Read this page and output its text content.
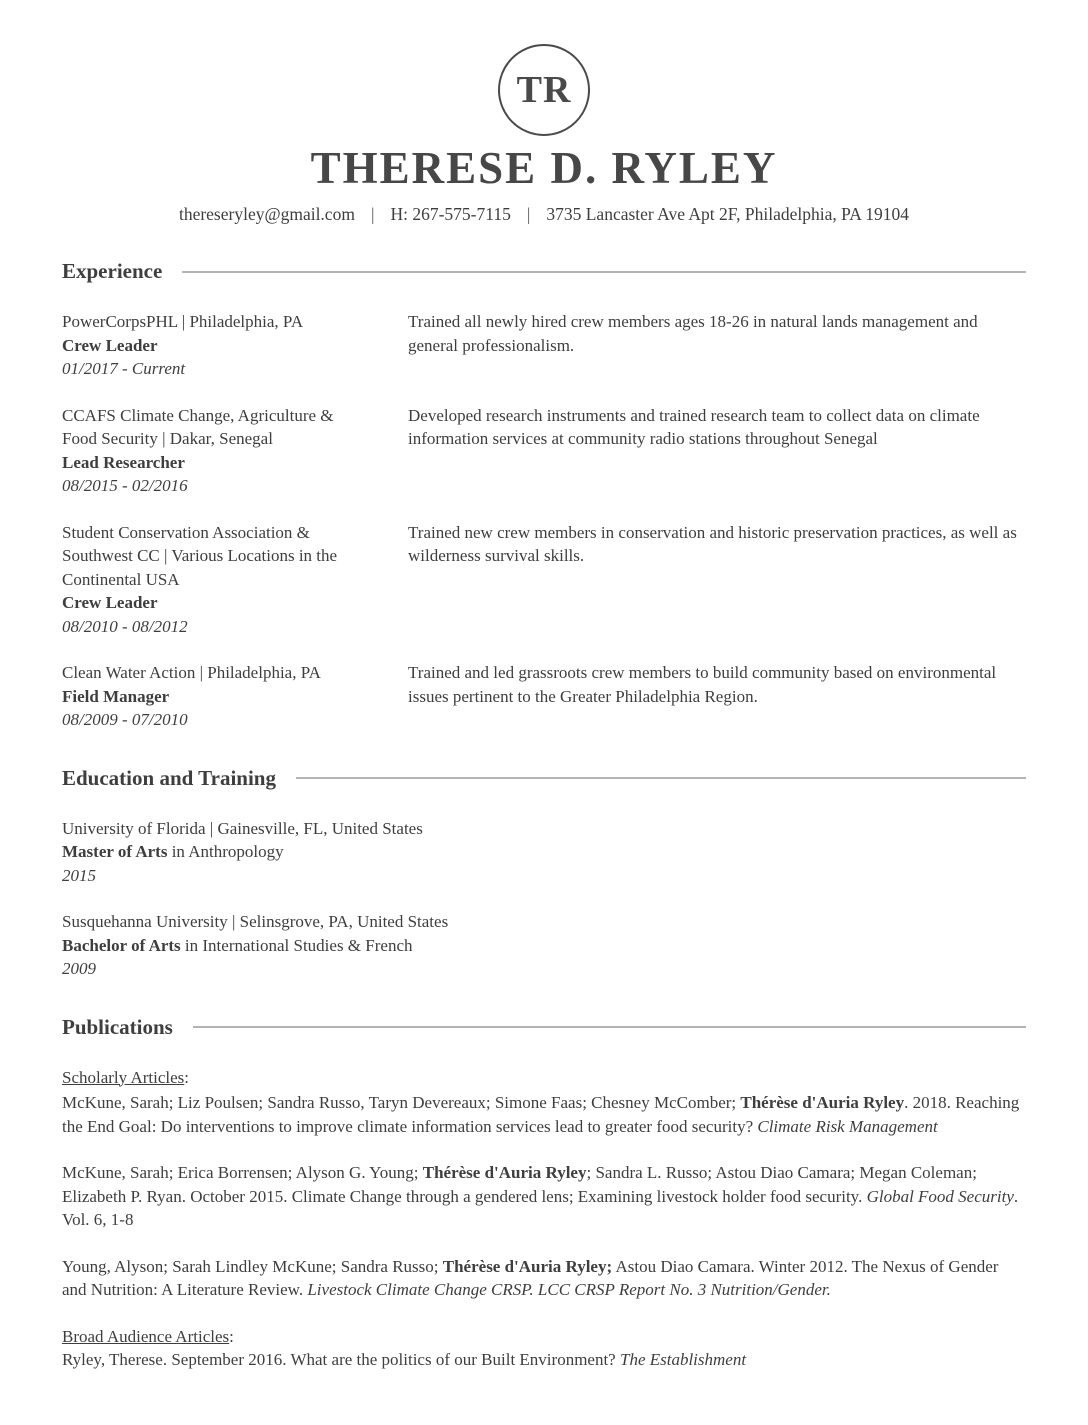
TR
THERESE D. RYLEY
thereseryley@gmail.com | H: 267-575-7115 | 3735 Lancaster Ave Apt 2F, Philadelphia, PA 19104
Experience
PowerCorpsPHL | Philadelphia, PA
Crew Leader
01/2017 - Current
Trained all newly hired crew members ages 18-26 in natural lands management and general professionalism.
CCAFS Climate Change, Agriculture & Food Security | Dakar, Senegal
Lead Researcher
08/2015 - 02/2016
Developed research instruments and trained research team to collect data on climate information services at community radio stations throughout Senegal
Student Conservation Association & Southwest CC | Various Locations in the Continental USA
Crew Leader
08/2010 - 08/2012
Trained new crew members in conservation and historic preservation practices, as well as wilderness survival skills.
Clean Water Action | Philadelphia, PA
Field Manager
08/2009 - 07/2010
Trained and led grassroots crew members to build community based on environmental issues pertinent to the Greater Philadelphia Region.
Education and Training
University of Florida | Gainesville, FL, United States
Master of Arts in Anthropology
2015
Susquehanna University | Selinsgrove, PA, United States
Bachelor of Arts in International Studies & French
2009
Publications
Scholarly Articles:

McKune, Sarah; Liz Poulsen; Sandra Russo, Taryn Devereaux; Simone Faas; Chesney McComber; Thérèse d'Auria Ryley. 2018. Reaching the End Goal: Do interventions to improve climate information services lead to greater food security? Climate Risk Management

McKune, Sarah; Erica Borrensen; Alyson G. Young; Thérèse d'Auria Ryley; Sandra L. Russo; Astou Diao Camara; Megan Coleman; Elizabeth P. Ryan. October 2015. Climate Change through a gendered lens; Examining livestock holder food security. Global Food Security. Vol. 6, 1-8

Young, Alyson; Sarah Lindley McKune; Sandra Russo; Thérèse d'Auria Ryley; Astou Diao Camara. Winter 2012. The Nexus of Gender and Nutrition: A Literature Review. Livestock Climate Change CRSP. LCC CRSP Report No. 3 Nutrition/Gender.

Broad Audience Articles:

Ryley, Therese. September 2016. What are the politics of our Built Environment? The Establishment
